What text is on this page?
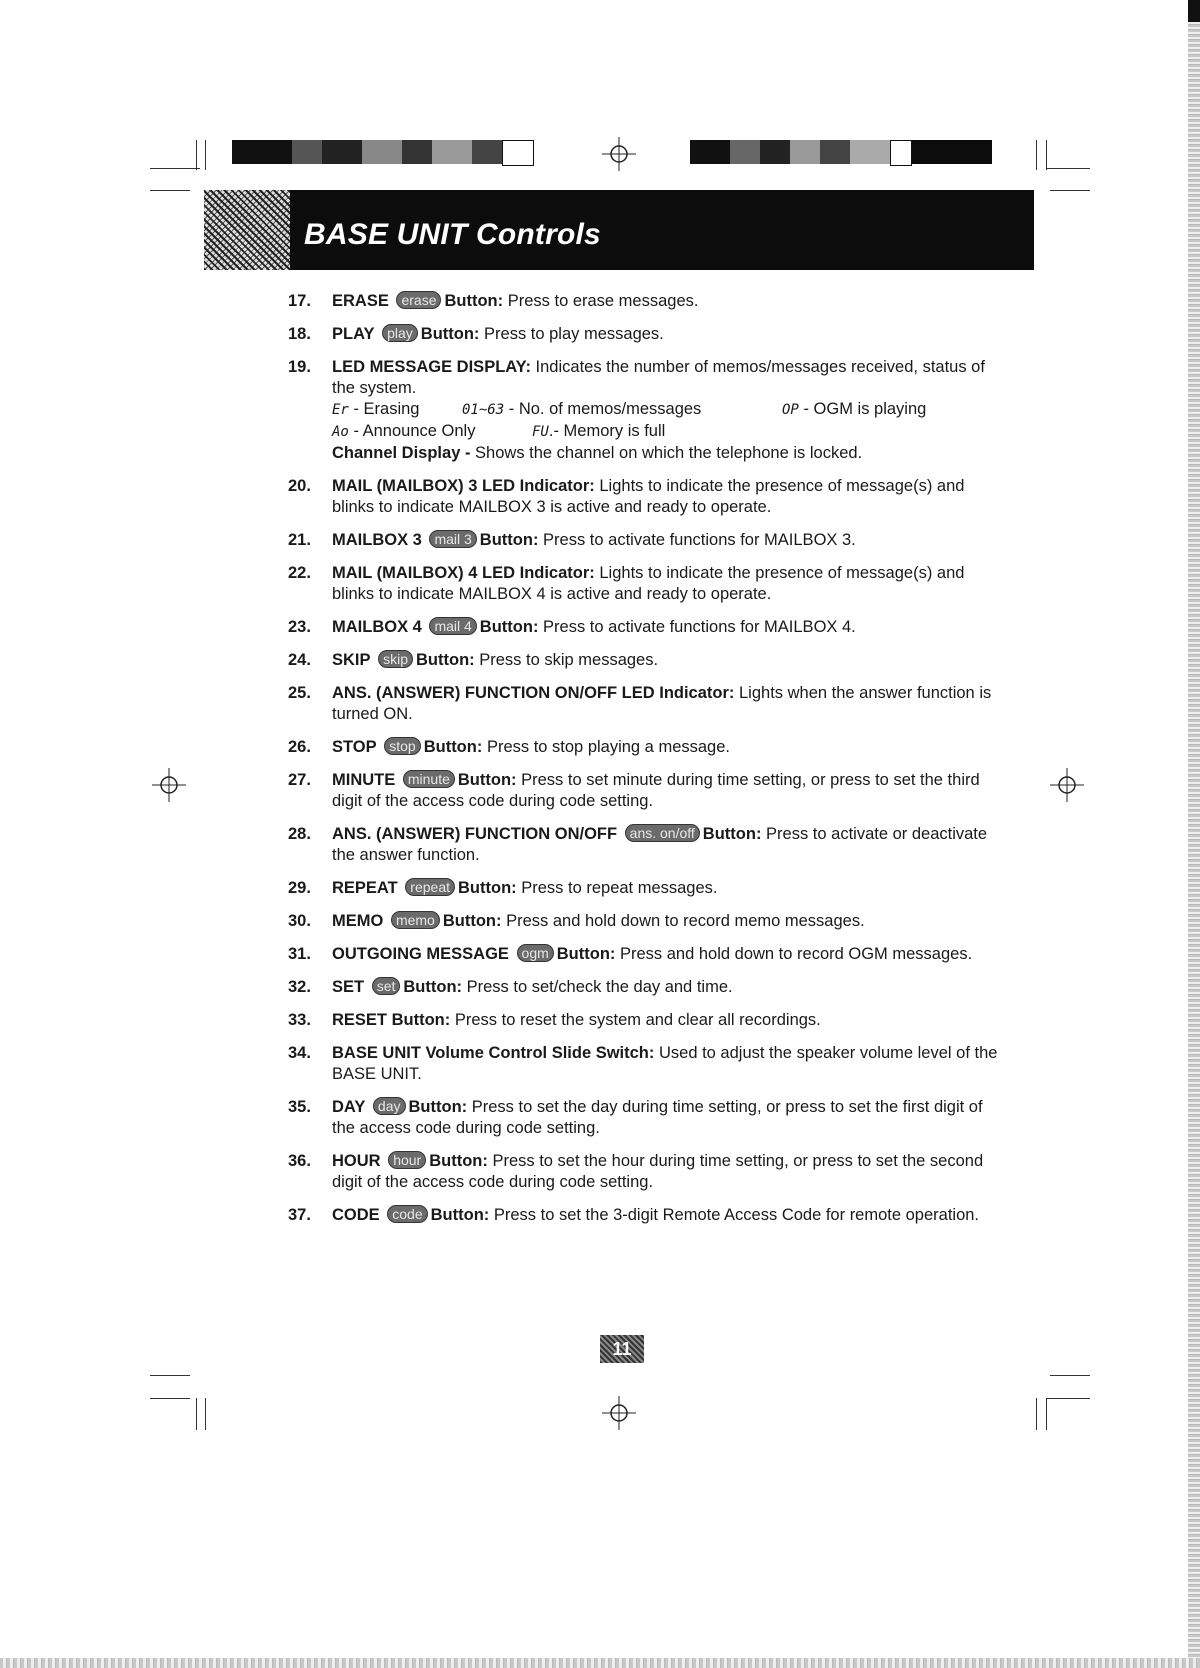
BASE UNIT Controls
17.	ERASE erase Button: Press to erase messages.
18.	PLAY play Button: Press to play messages.
19.	LED MESSAGE DISPLAY: Indicates the number of memos/messages received, status of the system.
Er - Erasing	01~63 - No. of memos/messages	OP - OGM is playing
Ao - Announce Only	FU.- Memory is full
Channel Display - Shows the channel on which the telephone is locked.
20.	MAIL (MAILBOX) 3 LED Indicator: Lights to indicate the presence of message(s) and blinks to indicate MAILBOX 3 is active and ready to operate.
21.	MAILBOX 3 mail 3 Button: Press to activate functions for MAILBOX 3.
22.	MAIL (MAILBOX) 4 LED Indicator: Lights to indicate the presence of message(s) and blinks to indicate MAILBOX 4 is active and ready to operate.
23.	MAILBOX 4 mail 4 Button: Press to activate functions for MAILBOX 4.
24.	SKIP skip Button: Press to skip messages.
25.	ANS. (ANSWER) FUNCTION ON/OFF LED Indicator: Lights when the answer function is turned ON.
26.	STOP stop Button: Press to stop playing a message.
27.	MINUTE minute Button: Press to set minute during time setting, or press to set the third digit of the access code during code setting.
28.	ANS. (ANSWER) FUNCTION ON/OFF ans. on/off Button: Press to activate or deactivate the answer function.
29.	REPEAT repeat Button: Press to repeat messages.
30.	MEMO memo Button: Press and hold down to record memo messages.
31.	OUTGOING MESSAGE ogm Button: Press and hold down to record OGM messages.
32.	SET set Button: Press to set/check the day and time.
33.	RESET Button: Press to reset the system and clear all recordings.
34.	BASE UNIT Volume Control Slide Switch: Used to adjust the speaker volume level of the BASE UNIT.
35.	DAY day Button: Press to set the day during time setting, or press to set the first digit of the access code during code setting.
36.	HOUR hour Button: Press to set the hour during time setting, or press to set the second digit of the access code during code setting.
37.	CODE code Button: Press to set the 3-digit Remote Access Code for remote operation.
11
